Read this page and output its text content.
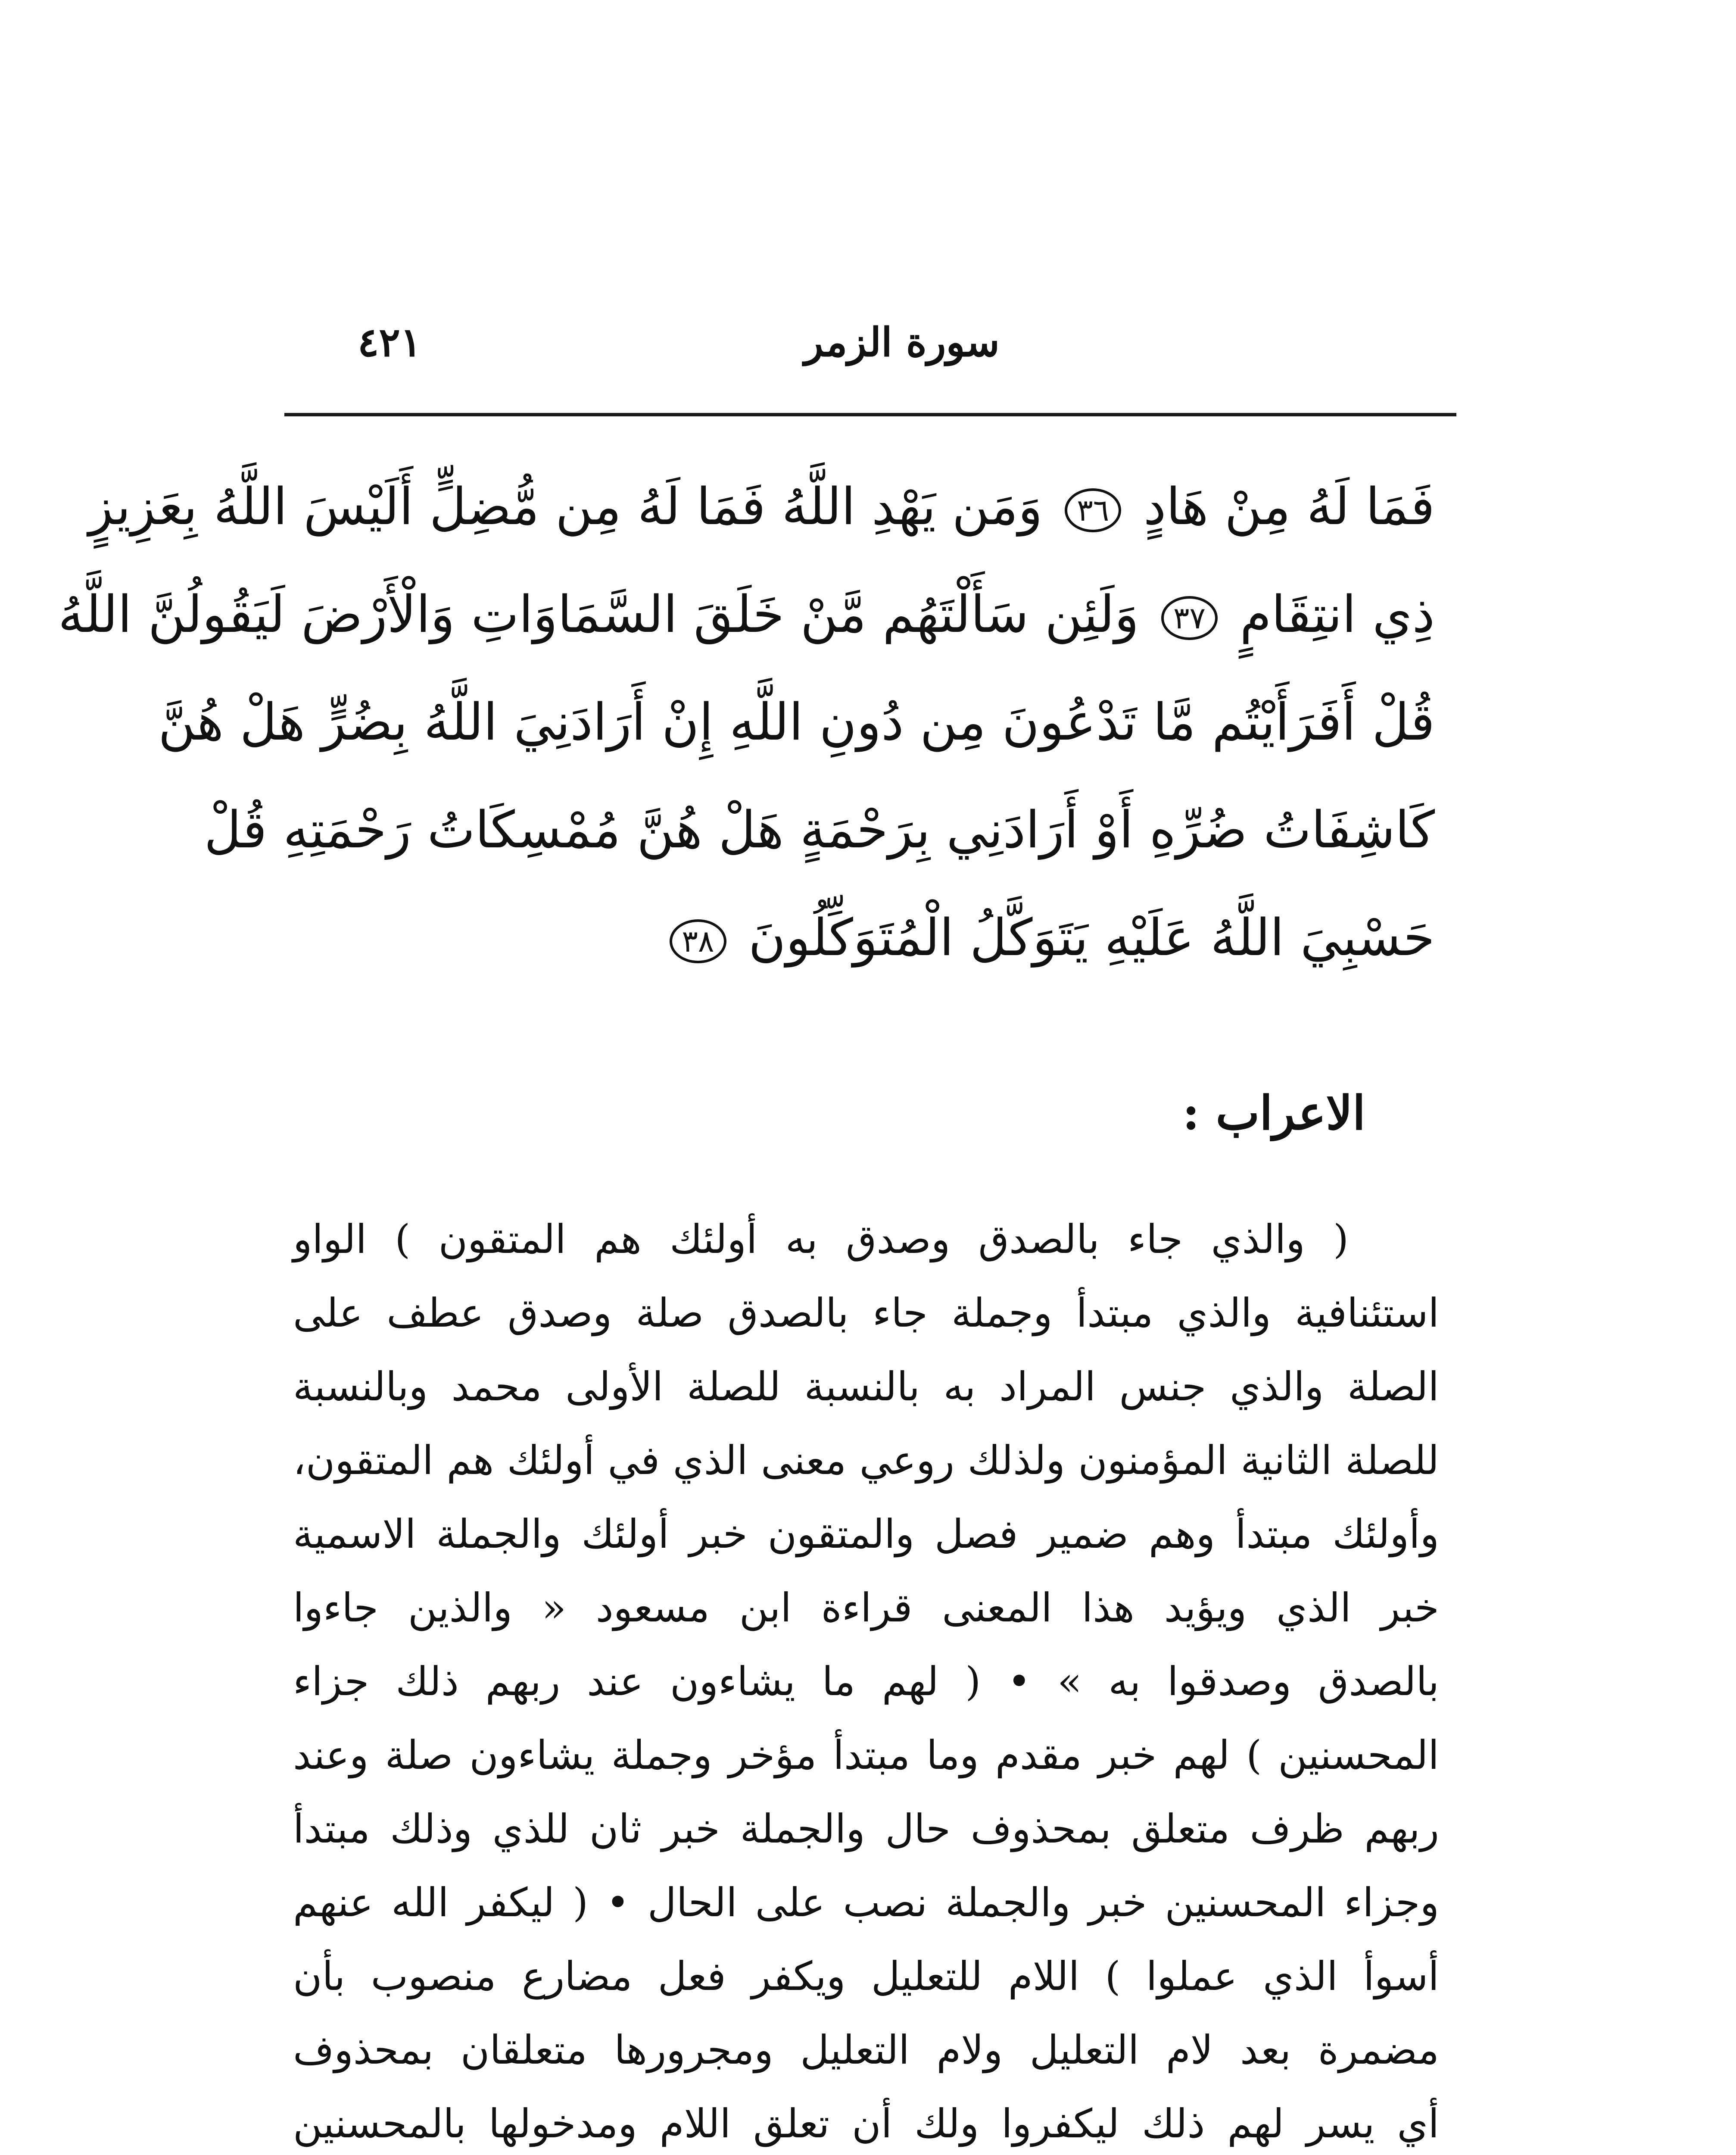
سورة الزمر
٤٢١
فَمَا لَهُ مِنْ هَادٍ ٣٦ وَمَن يَهْدِ اللَّهُ فَمَا لَهُ مِن مُّضِلٍّ أَلَيْسَ اللَّهُ بِعَزِيزٍ
ذِي انتِقَامٍ ٣٧ وَلَئِن سَأَلْتَهُم مَّنْ خَلَقَ السَّمَاوَاتِ وَالْأَرْضَ لَيَقُولُنَّ اللَّهُ
قُلْ أَفَرَأَيْتُم مَّا تَدْعُونَ مِن دُونِ اللَّهِ إِنْ أَرَادَنِيَ اللَّهُ بِضُرٍّ هَلْ هُنَّ
كَاشِفَاتُ ضُرِّهِ أَوْ أَرَادَنِي بِرَحْمَةٍ هَلْ هُنَّ مُمْسِكَاتُ رَحْمَتِهِ قُلْ
حَسْبِيَ اللَّهُ عَلَيْهِ يَتَوَكَّلُ الْمُتَوَكِّلُونَ ٣٨
الاعراب :
( والذي جاء بالصدق وصدق به أولئك هم المتقون ) الواو
استئنافية والذي مبتدأ وجملة جاء بالصدق صلة وصدق عطف على
الصلة والذي جنس المراد به بالنسبة للصلة الأولى محمد وبالنسبة
للصلة الثانية المؤمنون ولذلك روعي معنى الذي في أولئك هم المتقون،
وأولئك مبتدأ وهم ضمير فصل والمتقون خبر أولئك والجملة الاسمية
خبر الذي ويؤيد هذا المعنى قراءة ابن مسعود « والذين جاءوا
بالصدق وصدقوا به » • ( لهم ما يشاءون عند ربهم ذلك جزاء
المحسنين ) لهم خبر مقدم وما مبتدأ مؤخر وجملة يشاءون صلة وعند
ربهم ظرف متعلق بمحذوف حال والجملة خبر ثان للذي وذلك مبتدأ
وجزاء المحسنين خبر والجملة نصب على الحال • ( ليكفر الله عنهم
أسوأ الذي عملوا ) اللام للتعليل ويكفر فعل مضارع منصوب بأن
مضمرة بعد لام التعليل ولام التعليل ومجرورها متعلقان بمحذوف
أي يسر لهم ذلك ليكفروا ولك أن تعلق اللام ومدخولها بالمحسنين
